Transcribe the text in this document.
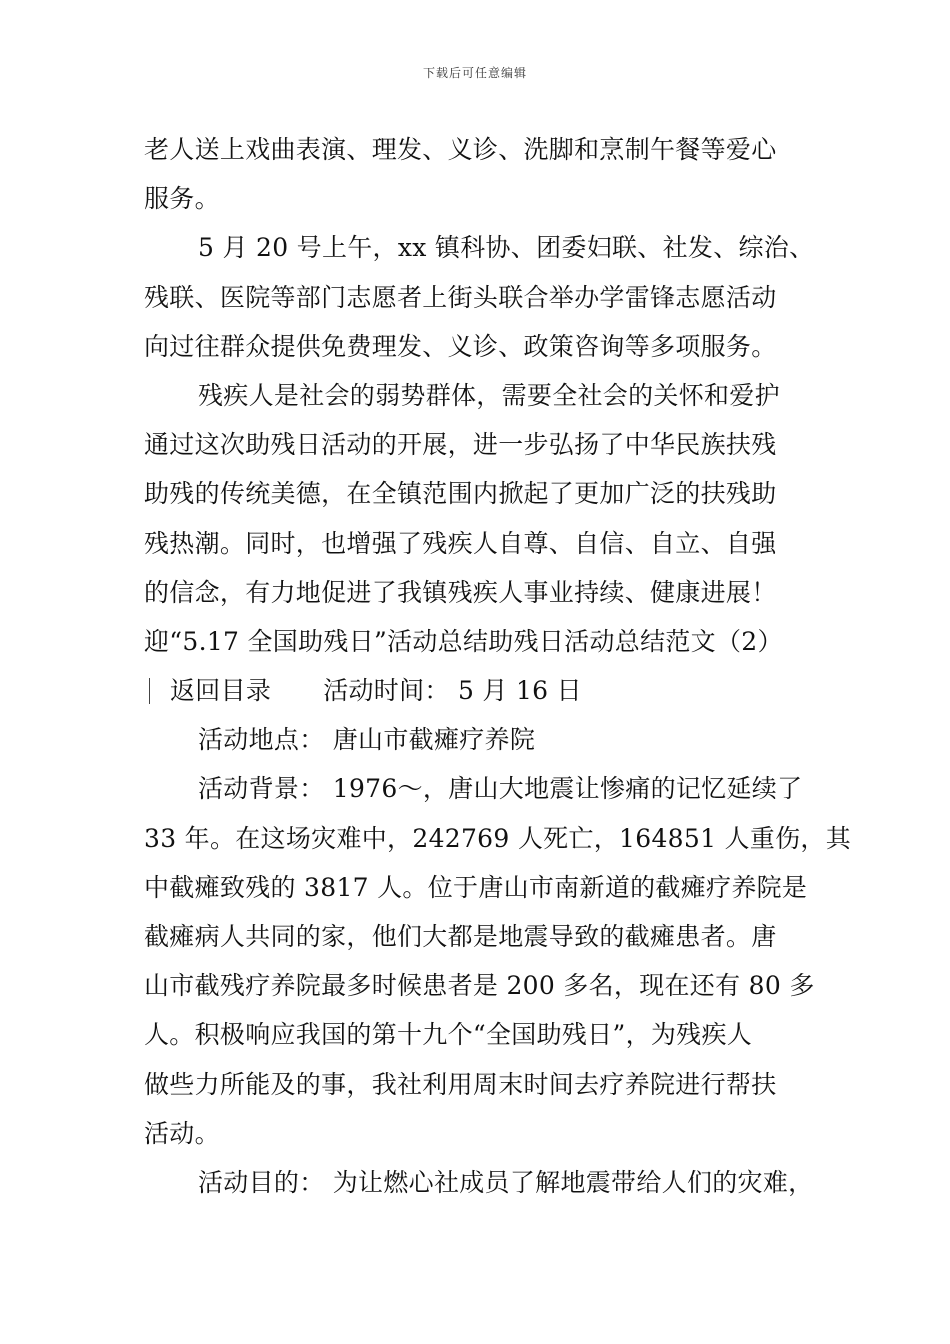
下载后可任意编辑
老人送上戏曲表演、理发、义诊、洗脚和烹制午餐等爱心
服务。
5 月 20 号上午，xx 镇科协、团委妇联、社发、综治、
残联、医院等部门志愿者上街头联合举办学雷锋志愿活动
向过往群众提供免费理发、义诊、政策咨询等多项服务。
残疾人是社会的弱势群体，需要全社会的关怀和爱护
通过这次助残日活动的开展，进一步弘扬了中华民族扶残
助残的传统美德，在全镇范围内掀起了更加广泛的扶残助
残热潮。同时，也增强了残疾人自尊、自信、自立、自强
的信念，有力地促进了我镇残疾人事业持续、健康进展！
迎“5.17 全国助残日”活动总结助残日活动总结范文（2）
返回目录 活动时间： 5 月 16 日
活动地点： 唐山市截瘫疗养院
活动背景： 1976～，唐山大地震让惨痛的记忆延续了
33 年。在这场灾难中，242769 人死亡，164851 人重伤，其
中截瘫致残的 3817 人。位于唐山市南新道的截瘫疗养院是
截瘫病人共同的家，他们大都是地震导致的截瘫患者。唐
山市截残疗养院最多时候患者是 200 多名，现在还有 80 多
人。积极响应我国的第十九个“全国助残日”，为残疾人
做些力所能及的事，我社利用周末时间去疗养院进行帮扶
活动。
活动目的： 为让燃心社成员了解地震带给人们的灾难，
